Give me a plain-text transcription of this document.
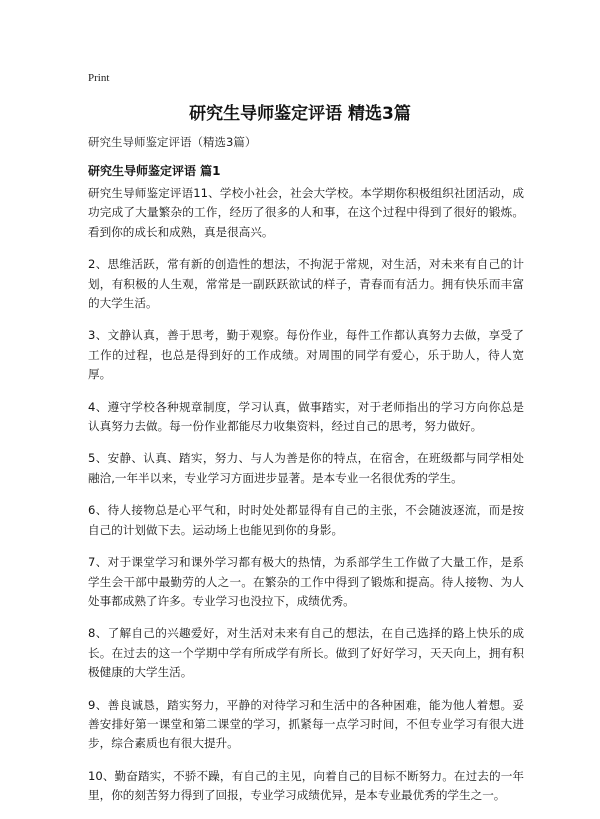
Print
研究生导师鉴定评语 精选3篇
研究生导师鉴定评语（精选3篇）
研究生导师鉴定评语 篇1

研究生导师鉴定评语11、学校小社会，社会大学校。本学期你积极组织社团活动，成功完成了大量繁杂的工作，经历了很多的人和事，在这个过程中得到了很好的锻炼。看到你的成长和成熟，真是很高兴。

2、思维活跃，常有新的创造性的想法，不拘泥于常规，对生活，对未来有自己的计划，有积极的人生观，常常是一副跃跃欲试的样子，青春而有活力。拥有快乐而丰富的大学生活。

3、文静认真，善于思考，勤于观察。每份作业，每件工作都认真努力去做，享受了工作的过程，也总是得到好的工作成绩。对周围的同学有爱心，乐于助人，待人宽厚。

4、遵守学校各种规章制度，学习认真，做事踏实，对于老师指出的学习方向你总是认真努力去做。每一份作业都能尽力收集资料，经过自己的思考，努力做好。

5、安静、认真、踏实，努力、与人为善是你的特点，在宿舍，在班级都与同学相处融洽,一年半以来，专业学习方面进步显著。是本专业一名很优秀的学生。

6、待人接物总是心平气和，时时处处都显得有自己的主张，不会随波逐流，而是按自己的计划做下去。运动场上也能见到你的身影。

7、对于课堂学习和课外学习都有极大的热情，为系部学生工作做了大量工作，是系学生会干部中最勤劳的人之一。在繁杂的工作中得到了锻炼和提高。待人接物、为人处事都成熟了许多。专业学习也没拉下，成绩优秀。

8、了解自己的兴趣爱好，对生活对未来有自己的想法，在自己选择的路上快乐的成长。在过去的这一个学期中学有所成学有所长。做到了好好学习，天天向上，拥有积极健康的大学生活。

9、善良诚恳，踏实努力，平静的对待学习和生活中的各种困难，能为他人着想。妥善安排好第一课堂和第二课堂的学习，抓紧每一点学习时间，不但专业学习有很大进步，综合素质也有很大提升。

10、勤奋踏实，不骄不躁，有自己的主见，向着自己的目标不断努力。在过去的一年里，你的刻苦努力得到了回报，专业学习成绩优异，是本专业最优秀的学生之一。
